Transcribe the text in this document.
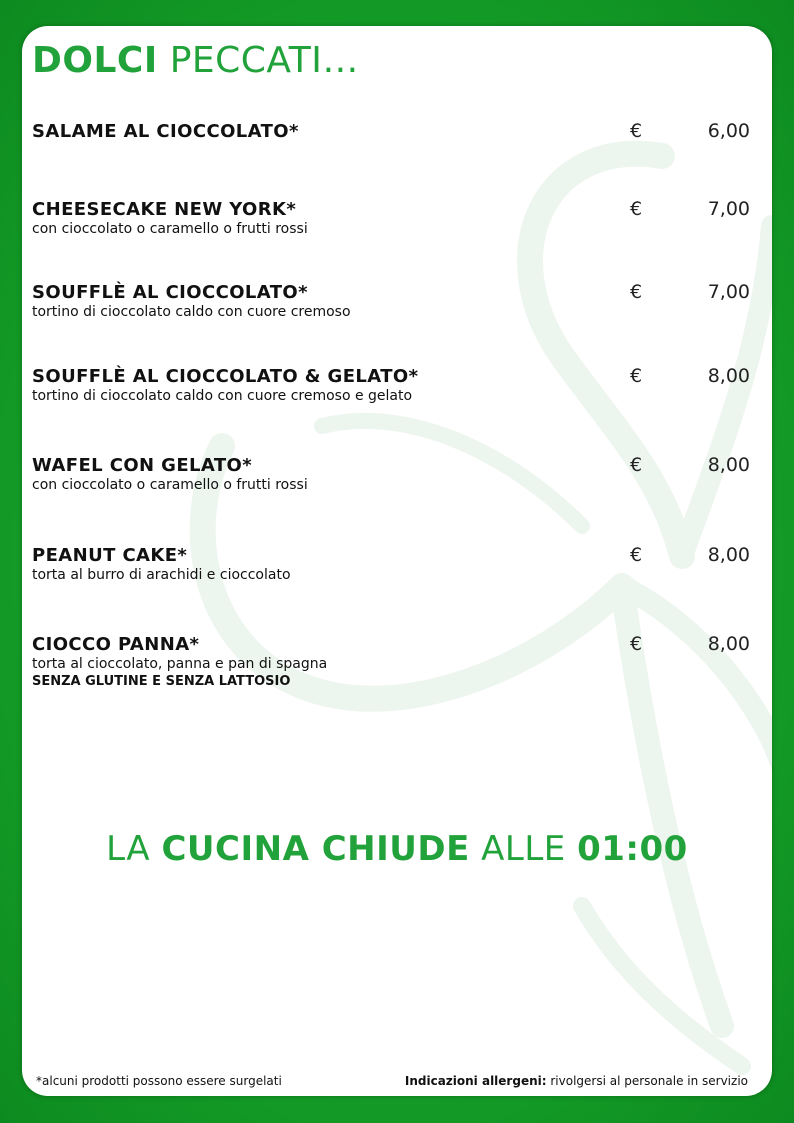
DOLCI PECCATI…
SALAME AL CIOCCOLATO*	€	6,00
CHEESECAKE NEW YORK*
con cioccolato o caramello o frutti rossi
€	7,00
SOUFFLÈ AL CIOCCOLATO*
tortino di cioccolato caldo con cuore cremoso
€	7,00
SOUFFLÈ AL CIOCCOLATO & GELATO*
tortino di cioccolato caldo con cuore cremoso e gelato
€	8,00
WAFEL CON GELATO*
con cioccolato o caramello o frutti rossi
€	8,00
PEANUT CAKE*
torta al burro di arachidi e cioccolato
€	8,00
CIOCCO PANNA*
torta al cioccolato, panna e pan di spagna
SENZA GLUTINE E SENZA LATTOSIO
€	8,00
LA CUCINA CHIUDE ALLE 01:00
*alcuni prodotti possono essere surgelati	Indicazioni allergeni: rivolgersi al personale in servizio
